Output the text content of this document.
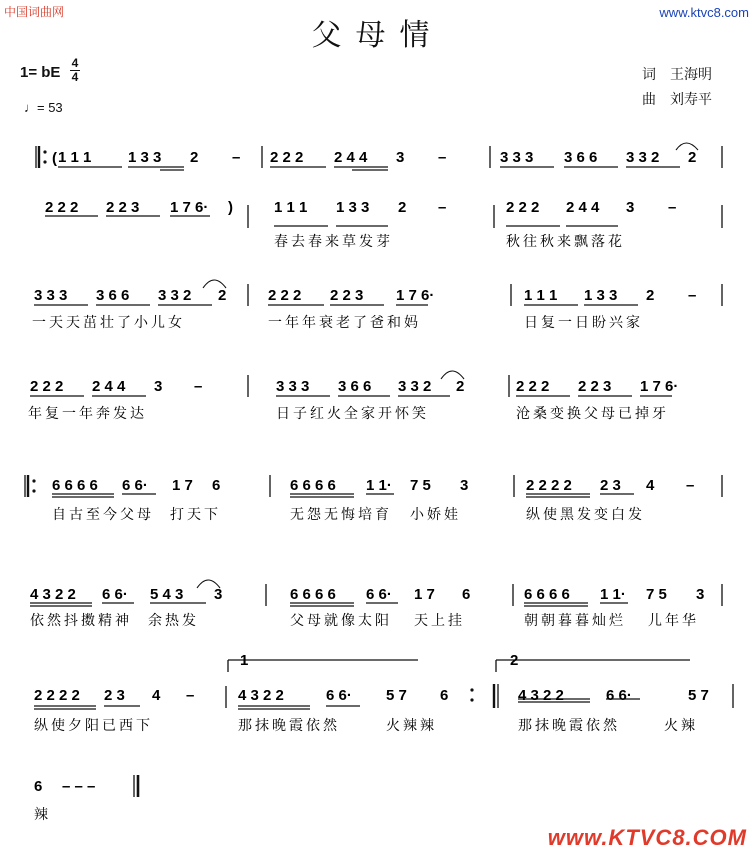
中国词曲网	www.ktvc8.com
父母情
1= bE
4
4
♩= 53
词 王海明
曲 刘寿平
1 1 1 1 3 3 2 – 2 2 2 2 4 4 3 –	3 3 3 3 6 6 3 3 2 2
2 2 2 2 2 3 1 7 6·	1 1 1 1 3 3 2 –	2 2 2 2 4 4 3 –
3 3 3 3 6 6 3 3 2 2	2 2 2 2 2 3 1 7 6·	1 1 1 1 3 3 2 –
2 2 2 2 4 4 3 –	3 3 3 3 6 6 3 3 2 2	2 2 2 2 2 3 1 7 6·
6 6 6 6 6 6· 1 7 6	6 6 6 6 1 1· 7 5 3	2 2 2 2 2 3 4 –
4 3 2 2 6 6· 5 4 3 3	6 6 6 6 6 6· 1 7 6	6 6 6 6 1 1· 7 5 3
2 2 2 2 2 3 4 –	4 3 2 2	6 6· 5 7 6	4 3 2 2	6 6·	5 7
6 – – –
春去春来草发芽	秋往秋来飘落花
一天天茁壮了小儿女	一年年衰老了爸和妈	日复一日盼兴家
年复一年奔发达	日子红火全家开怀笑	沧桑变换父母已掉牙
自古至今父母 打天下	无怨无悔培育 小娇娃	纵使黑发变白发
依然抖擞精神 余热发	父母就像太阳 天上挂	朝朝暮暮灿烂 儿年华
纵使夕阳已西下	那抹晚霞依然	火辣辣	那抹晚霞依然	火辣
辣
(
)
1	2
www.KTVC8.COM
